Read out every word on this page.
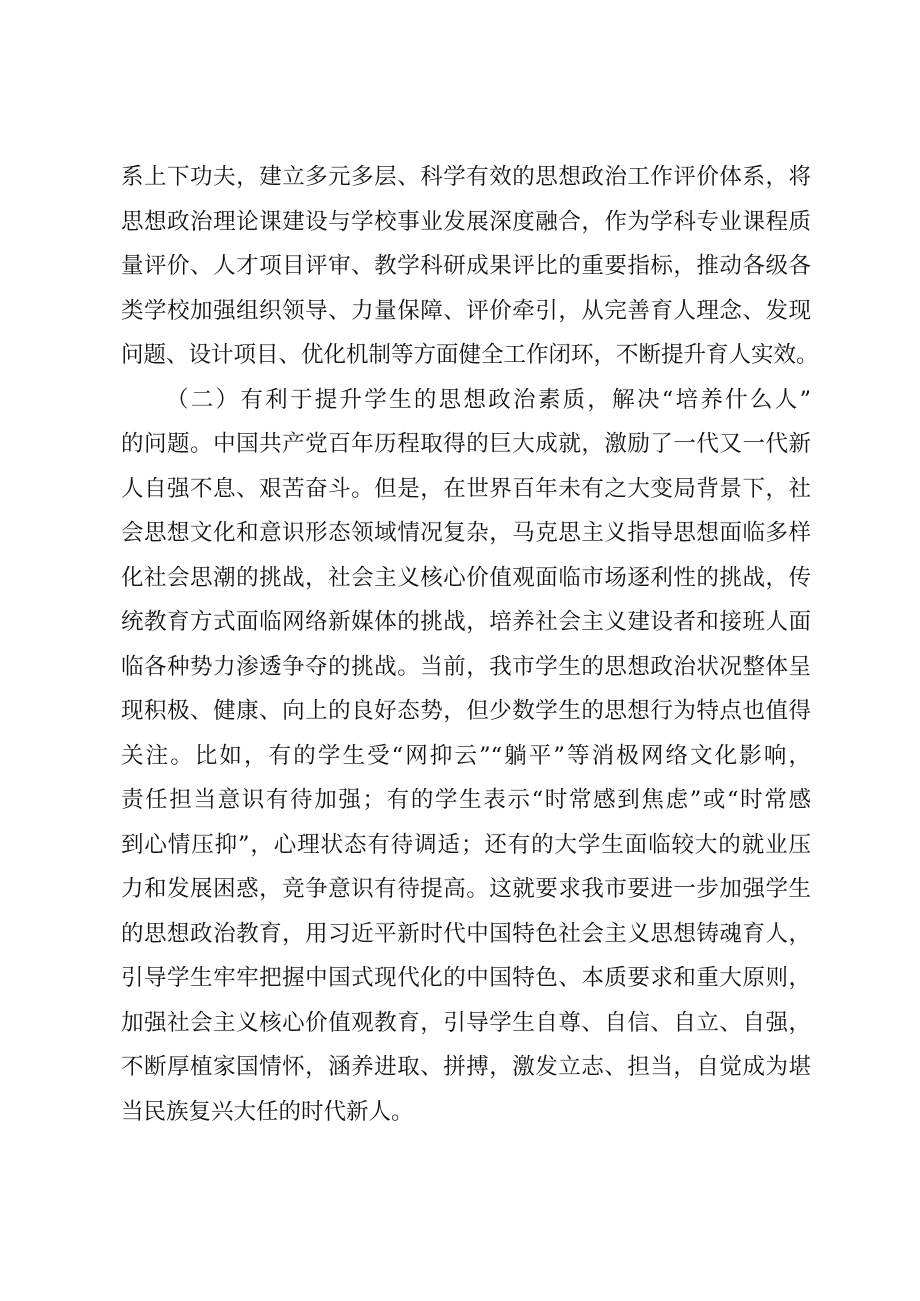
系上下功夫，建立多元多层、科学有效的思想政治工作评价体系，将
思想政治理论课建设与学校事业发展深度融合，作为学科专业课程质
量评价、人才项目评审、教学科研成果评比的重要指标，推动各级各
类学校加强组织领导、力量保障、评价牵引，从完善育人理念、发现
问题、设计项目、优化机制等方面健全工作闭环，不断提升育人实效。
（二）有利于提升学生的思想政治素质，解决“培养什么人”
的问题。中国共产党百年历程取得的巨大成就，激励了一代又一代新
人自强不息、艰苦奋斗。但是，在世界百年未有之大变局背景下，社
会思想文化和意识形态领域情况复杂，马克思主义指导思想面临多样
化社会思潮的挑战，社会主义核心价值观面临市场逐利性的挑战，传
统教育方式面临网络新媒体的挑战，培养社会主义建设者和接班人面
临各种势力渗透争夺的挑战。当前，我市学生的思想政治状况整体呈
现积极、健康、向上的良好态势，但少数学生的思想行为特点也值得
关注。比如，有的学生受“网抑云”“躺平”等消极网络文化影响，
责任担当意识有待加强；有的学生表示“时常感到焦虑”或“时常感
到心情压抑”，心理状态有待调适；还有的大学生面临较大的就业压
力和发展困惑，竞争意识有待提高。这就要求我市要进一步加强学生
的思想政治教育，用习近平新时代中国特色社会主义思想铸魂育人，
引导学生牢牢把握中国式现代化的中国特色、本质要求和重大原则，
加强社会主义核心价值观教育，引导学生自尊、自信、自立、自强，
不断厚植家国情怀，涵养进取、拼搏，激发立志、担当，自觉成为堪
当民族复兴大任的时代新人。
